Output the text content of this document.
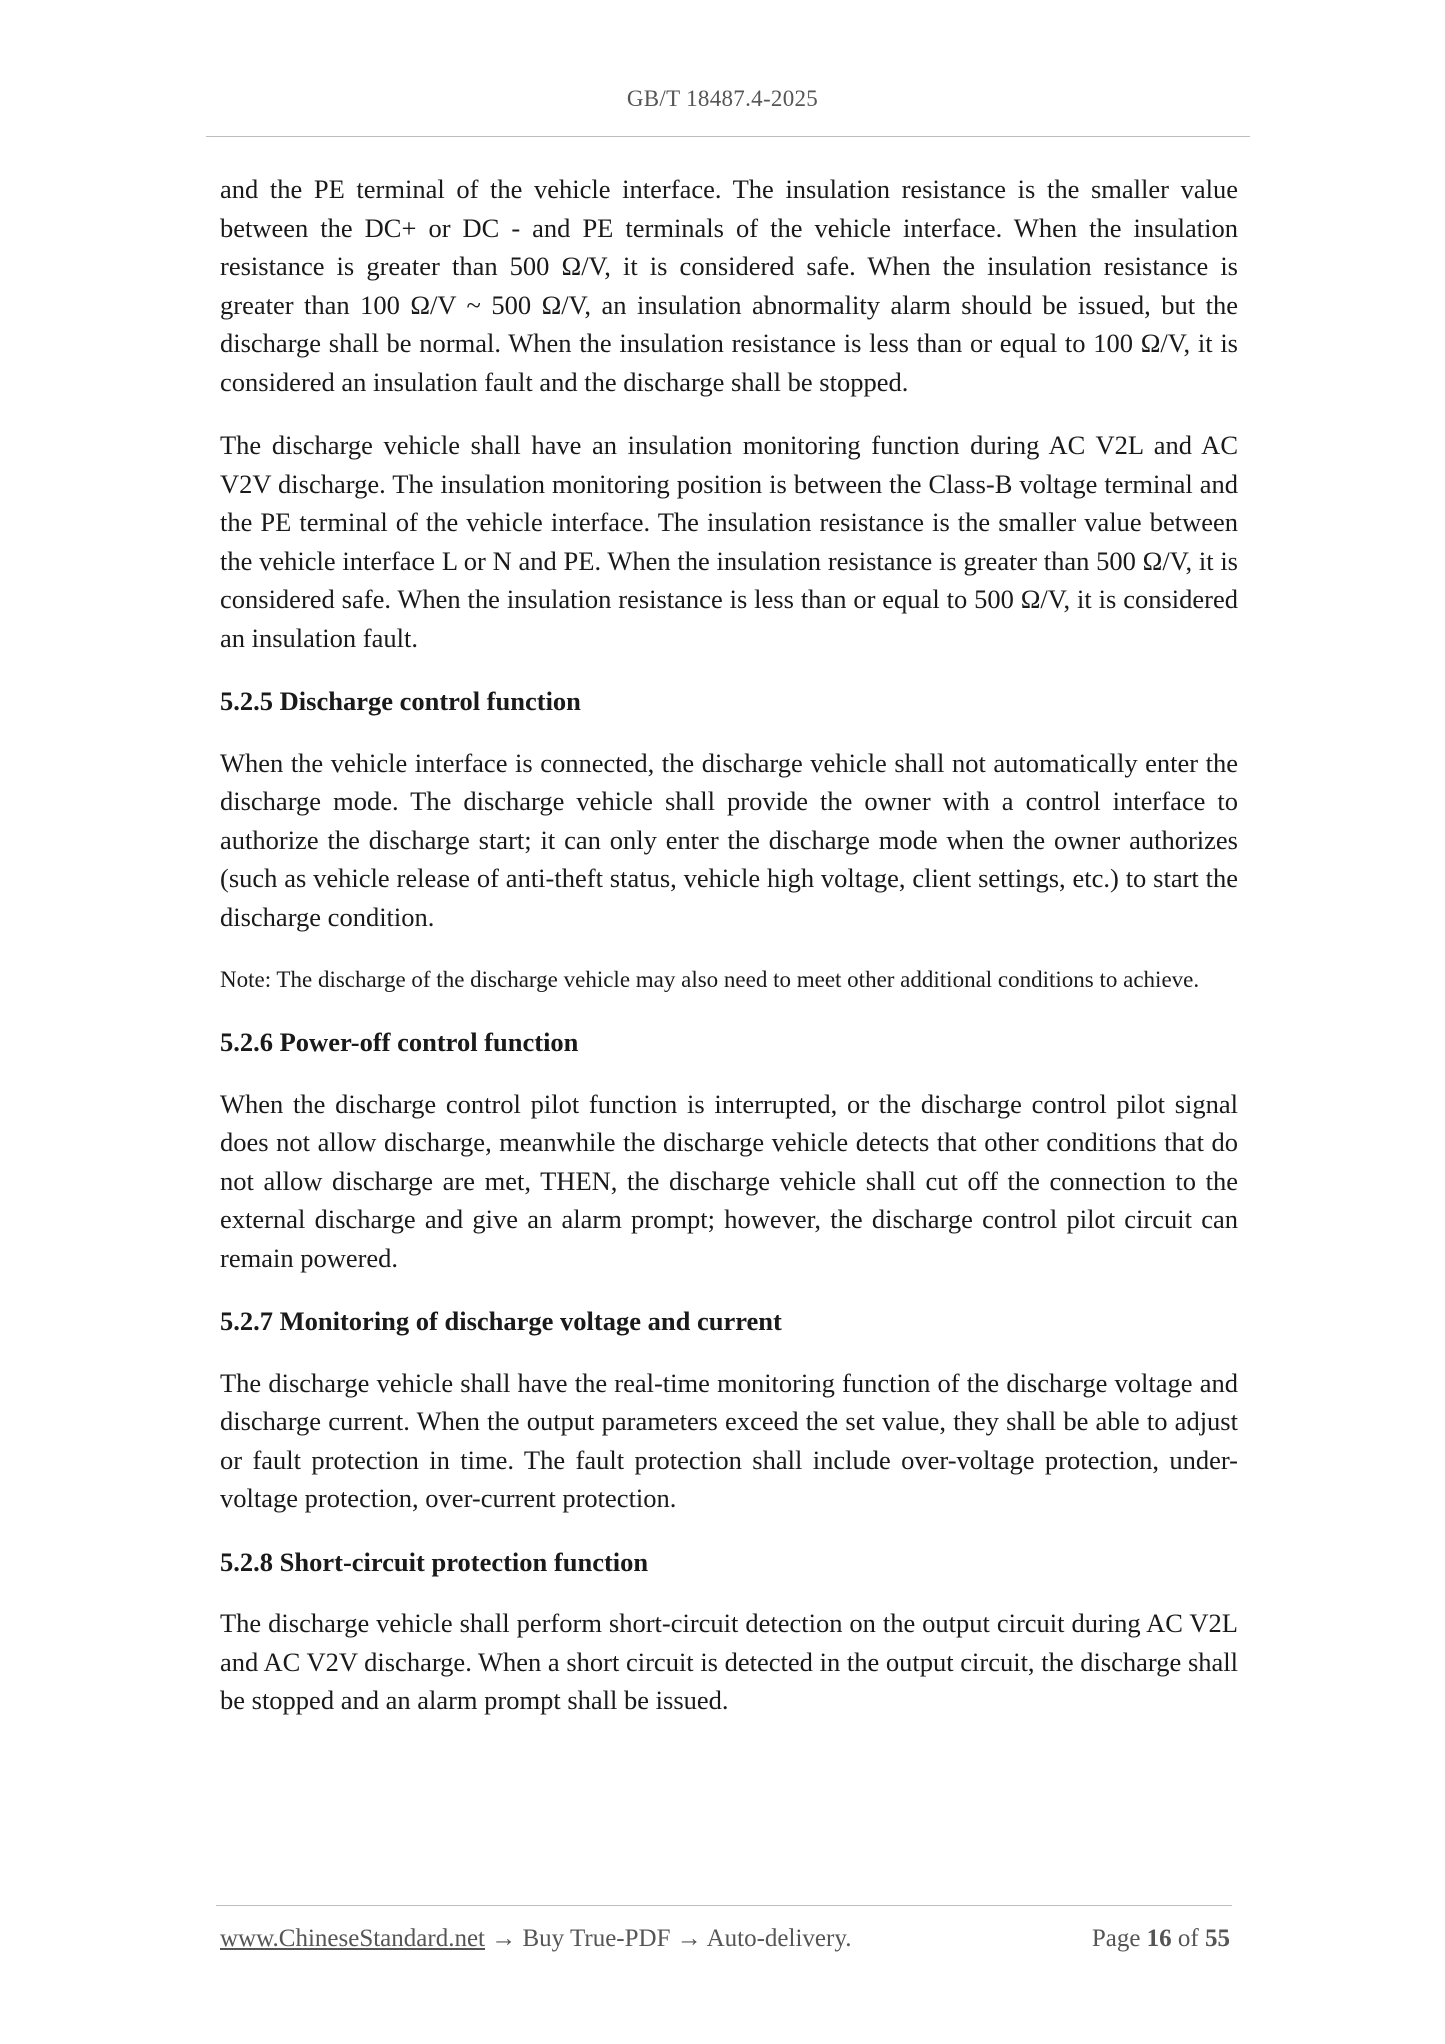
GB/T 18487.4-2025

and the PE terminal of the vehicle interface. The insulation resistance is the smaller value between the DC+ or DC - and PE terminals of the vehicle interface. When the insulation resistance is greater than 500 Ω/V, it is considered safe. When the insulation resistance is greater than 100 Ω/V ~ 500 Ω/V, an insulation abnormality alarm should be issued, but the discharge shall be normal. When the insulation resistance is less than or equal to 100 Ω/V, it is considered an insulation fault and the discharge shall be stopped.

The discharge vehicle shall have an insulation monitoring function during AC V2L and AC V2V discharge. The insulation monitoring position is between the Class-B voltage terminal and the PE terminal of the vehicle interface. The insulation resistance is the smaller value between the vehicle interface L or N and PE. When the insulation resistance is greater than 500 Ω/V, it is considered safe. When the insulation resistance is less than or equal to 500 Ω/V, it is considered an insulation fault.

5.2.5 Discharge control function

When the vehicle interface is connected, the discharge vehicle shall not automatically enter the discharge mode. The discharge vehicle shall provide the owner with a control interface to authorize the discharge start; it can only enter the discharge mode when the owner authorizes (such as vehicle release of anti-theft status, vehicle high voltage, client settings, etc.) to start the discharge condition.

Note: The discharge of the discharge vehicle may also need to meet other additional conditions to achieve.

5.2.6 Power-off control function

When the discharge control pilot function is interrupted, or the discharge control pilot signal does not allow discharge, meanwhile the discharge vehicle detects that other conditions that do not allow discharge are met, THEN, the discharge vehicle shall cut off the connection to the external discharge and give an alarm prompt; however, the discharge control pilot circuit can remain powered.

5.2.7 Monitoring of discharge voltage and current

The discharge vehicle shall have the real-time monitoring function of the discharge voltage and discharge current. When the output parameters exceed the set value, they shall be able to adjust or fault protection in time. The fault protection shall include over-voltage protection, under-voltage protection, over-current protection.

5.2.8 Short-circuit protection function

The discharge vehicle shall perform short-circuit detection on the output circuit during AC V2L and AC V2V discharge. When a short circuit is detected in the output circuit, the discharge shall be stopped and an alarm prompt shall be issued.

www.ChineseStandard.net → Buy True-PDF → Auto-delivery.	Page 16 of 55
